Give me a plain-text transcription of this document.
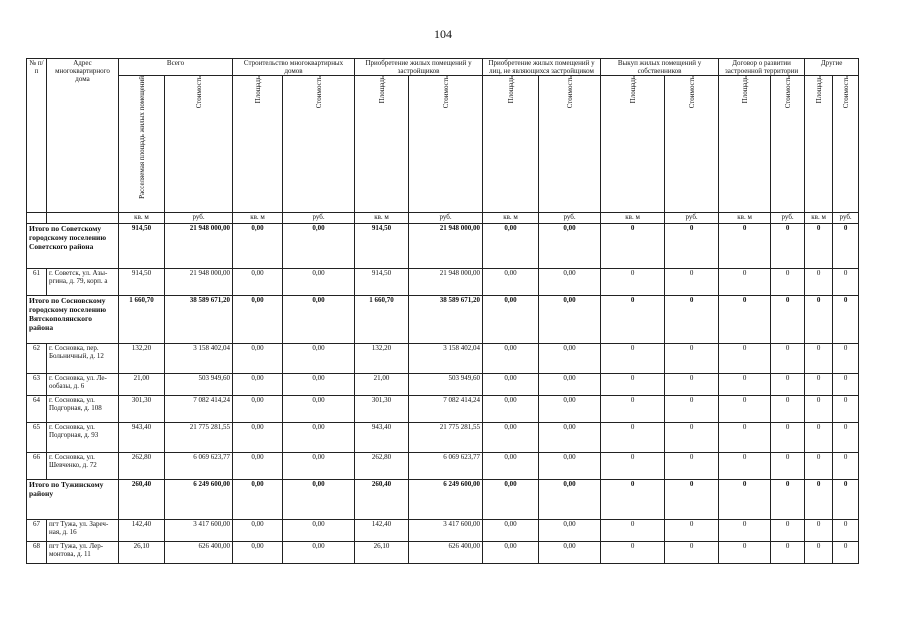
104
№ п/п	Адрес многоквартирного дома	Всего		Строительство многоквартирных домов		Приобретение жилых помещений у застройщиков		Приобретение жилых помещений у лиц, не являющихся застройщиком		Выкуп жилых помещений у собственников		Договор о развитии застроенной территории		Другие	

		Расселяемая площадь жилых помещений	Стоимость	Площадь	Стоимость	Площадь	Стоимость	Площадь	Стоимость	Площадь	Стоимость	Площадь	Стоимость	Площадь	Стоимость

		кв. м	руб.	кв. м	руб.	кв. м	руб.	кв. м	руб.	кв. м	руб.	кв. м	руб.	кв. м	руб.
Итого по Советскому городскому поселению Советского района		914,50	21 948 000,00	0,00	0,00	914,50	21 948 000,00	0,00	0,00	0	0	0	0	0	0
61	г. Советск, ул. Азы-ргина, д. 79, корп. а	914,50	21 948 000,00	0,00	0,00	914,50	21 948 000,00	0,00	0,00	0	0	0	0	0	0
Итого по Сосновскому городскому поселению Вятскополянского района		1 660,70	38 589 671,20	0,00	0,00	1 660,70	38 589 671,20	0,00	0,00	0	0	0	0	0	0
62	г. Сосновка, пер. Больничный, д. 12	132,20	3 158 402,04	0,00	0,00	132,20	3 158 402,04	0,00	0,00	0	0	0	0	0	0
63	г. Сосновка, ул. Ле-ообазы, д. 6	21,00	503 949,60	0,00	0,00	21,00	503 949,60	0,00	0,00	0	0	0	0	0	0
64	г. Сосновка, ул. Подгорная, д. 108	301,30	7 082 414,24	0,00	0,00	301,30	7 082 414,24	0,00	0,00	0	0	0	0	0	0
65	г. Сосновка, ул. Подгорная, д. 93	943,40	21 775 281,55	0,00	0,00	943,40	21 775 281,55	0,00	0,00	0	0	0	0	0	0
66	г. Сосновка, ул. Шевченко, д. 72	262,80	6 069 623,77	0,00	0,00	262,80	6 069 623,77	0,00	0,00	0	0	0	0	0	0
Итого по Тужинскому району		260,40	6 249 600,00	0,00	0,00	260,40	6 249 600,00	0,00	0,00	0	0	0	0	0	0
67	пгт Тужа, ул. Зареч-ная, д. 16	142,40	3 417 600,00	0,00	0,00	142,40	3 417 600,00	0,00	0,00	0	0	0	0	0	0
68	пгт Тужа, ул. Лер-монтова, д. 11	26,10	626 400,00	0,00	0,00	26,10	626 400,00	0,00	0,00	0	0	0	0	0	0
